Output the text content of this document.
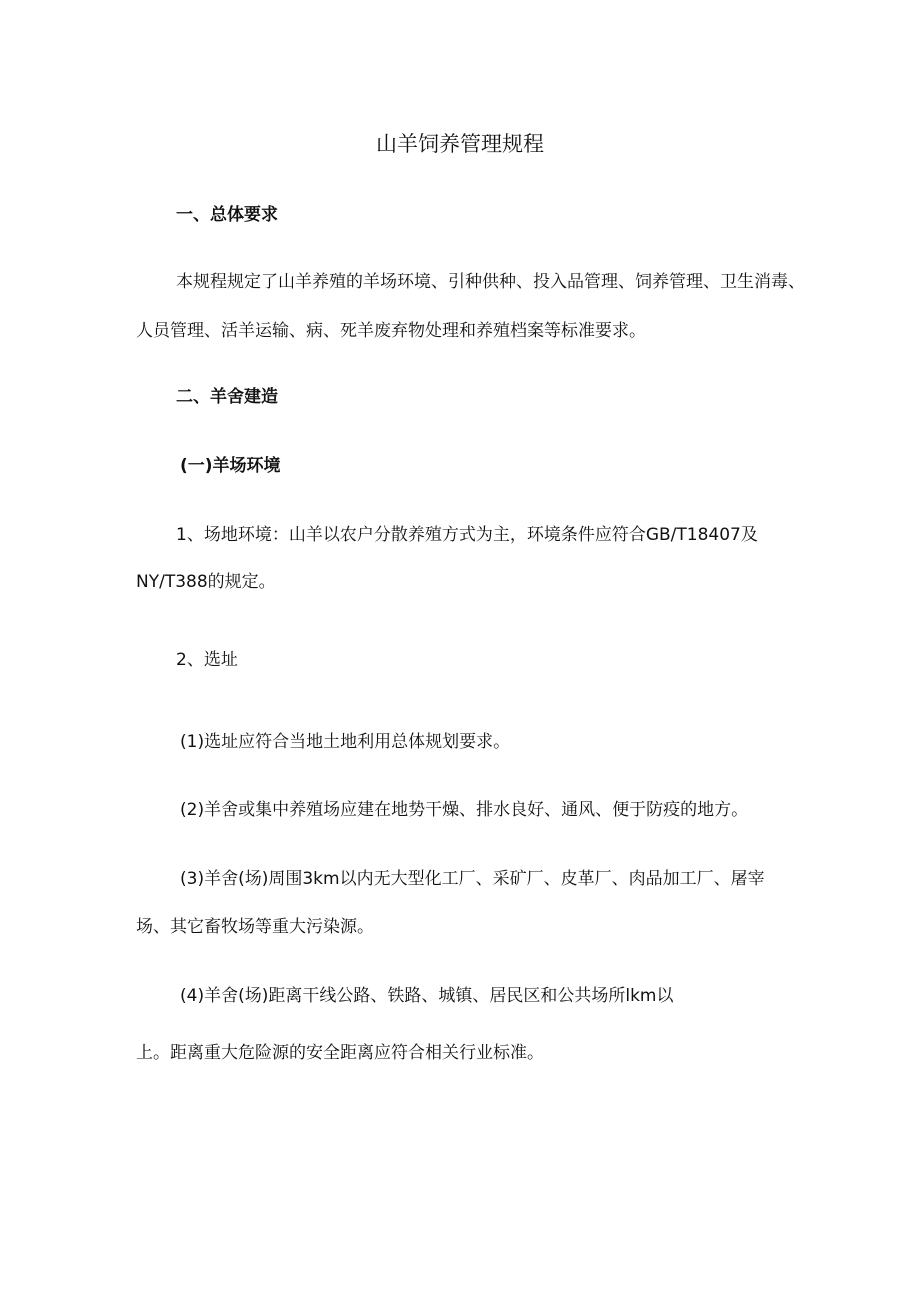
山羊饲养管理规程

一、总体要求

本规程规定了山羊养殖的羊场环境、引种供种、投入品管理、饲养管理、卫生消毒、

人员管理、活羊运输、病、死羊废弃物处理和养殖档案等标准要求。

二、羊舍建造

(一)羊场环境

1、场地环境：山羊以农户分散养殖方式为主，环境条件应符合GB/T18407及

NY/T388的规定。

2、选址

(1)选址应符合当地土地利用总体规划要求。

(2)羊舍或集中养殖场应建在地势干燥、排水良好、通风、便于防疫的地方。

(3)羊舍(场)周围3km以内无大型化工厂、采矿厂、皮革厂、肉品加工厂、屠宰

场、其它畜牧场等重大污染源。

(4)羊舍(场)距离干线公路、铁路、城镇、居民区和公共场所lkm以

上。距离重大危险源的安全距离应符合相关行业标准。
